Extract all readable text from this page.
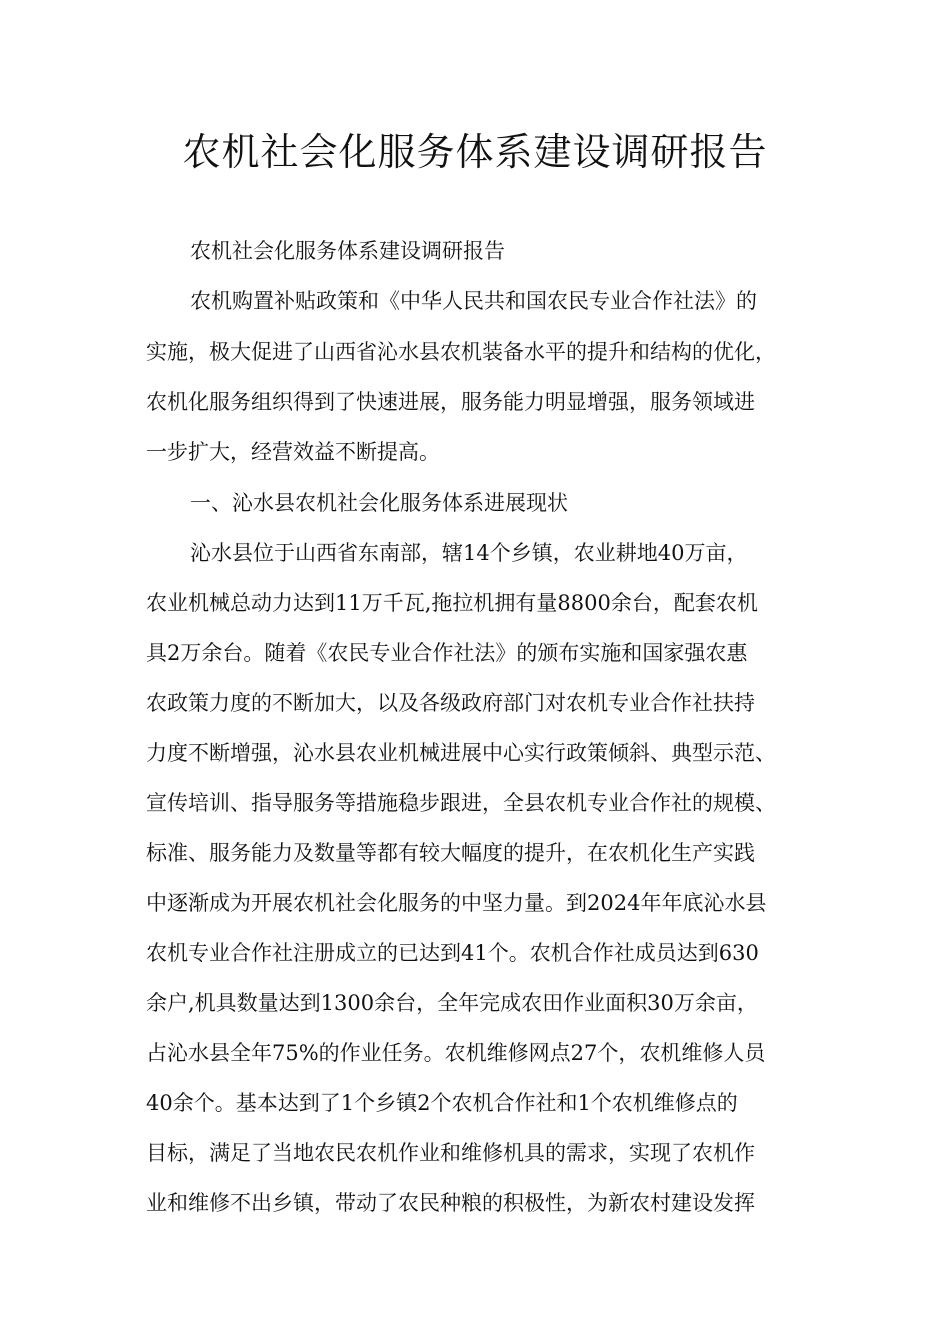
农机社会化服务体系建设调研报告
农机社会化服务体系建设调研报告
农机购置补贴政策和《中华人民共和国农民专业合作社法》的
实施，极大促进了山西省沁水县农机装备水平的提升和结构的优化，
农机化服务组织得到了快速进展，服务能力明显增强，服务领域进
一步扩大，经营效益不断提高。
一、沁水县农机社会化服务体系进展现状
沁水县位于山西省东南部，辖14个乡镇，农业耕地40万亩，
农业机械总动力达到11万千瓦,拖拉机拥有量8800余台，配套农机
具2万余台。随着《农民专业合作社法》的颁布实施和国家强农惠
农政策力度的不断加大，以及各级政府部门对农机专业合作社扶持
力度不断增强，沁水县农业机械进展中心实行政策倾斜、典型示范、
宣传培训、指导服务等措施稳步跟进，全县农机专业合作社的规模、
标准、服务能力及数量等都有较大幅度的提升，在农机化生产实践
中逐渐成为开展农机社会化服务的中坚力量。到2024年年底沁水县
农机专业合作社注册成立的已达到41个。农机合作社成员达到630
余户,机具数量达到1300余台，全年完成农田作业面积30万余亩，
占沁水县全年75%的作业任务。农机维修网点27个，农机维修人员
40余个。基本达到了1个乡镇2个农机合作社和1个农机维修点的
目标，满足了当地农民农机作业和维修机具的需求，实现了农机作
业和维修不出乡镇，带动了农民种粮的积极性，为新农村建设发挥
